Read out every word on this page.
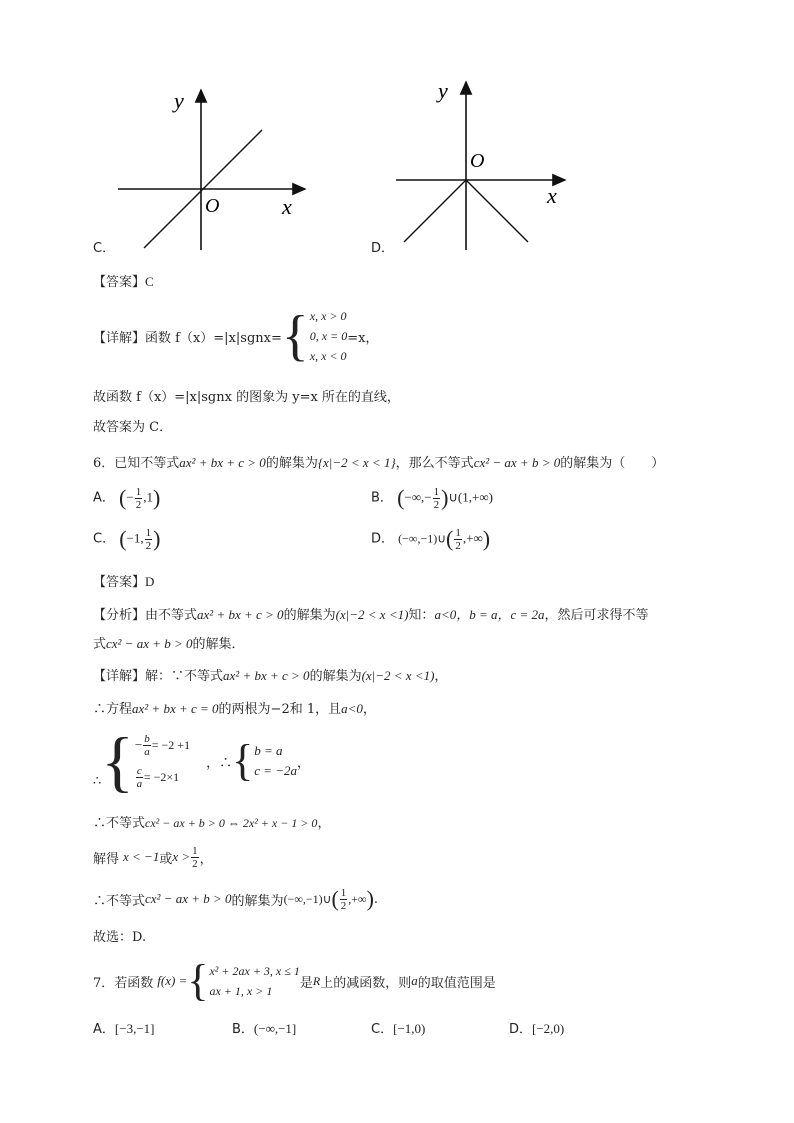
y
O	x
C．
y
O
x
D．
【答案】C
【详解】 函数 f（x）=|x|sgnx= { x, x > 0
0, x = 0
x, x < 0
=x，
故函数 f（x）=|x|sgnx 的图象为 y=x 所在的直线，
故答案为 C．
6．已知不等式ax² + bx + c > 0的解集为{x|−2 < x < 1}，那么不等式cx² − ax + b > 0的解集为（　　）
A． (− $\frac{1}{2} ,1$)	B． (−∞,− $\frac{1}{2}$ )∪(1,+∞)
C． (−1, $\frac{1}{2}$ )	D． (−∞,−1)∪( $\frac{1}{2}$ ,+∞)
【答案】D
【分析】由不等式ax² + bx + c > 0的解集为(x|−2 < x <1)知：a<0，b = a，c = 2a，然后可求得不等
式cx² − ax + b > 0的解集．
【详解】解：∵不等式ax² + bx + c > 0的解集为(x|−2 < x <1)，
∴方程ax² + bx + c = 0的两根为−2和 1，且a<0，
∴ { − $\frac{b}{a} = -2 +1$
$\frac{c}{a} = -2\times 1$
，∴ { b = a
c = −2a ，
∴不等式cx² − ax + b > 0 ⇔ 2x² + x − 1 > 0，
解得 x < −1 或 $x > \frac{1}{2}$ ，
∴不等式 cx² − ax + b > 0 的解集为 (−∞,−1)∪ ( $\frac{1}{2}$ ,+∞ ) .
故选：D.
7．若函数 f(x) = { x² + 2ax + 3, x ≤ 1
ax + 1, x > 1
是 R 上的减函数，则 a 的取值范围是
A．[−3,−1]	B．(−∞,−1]	C．[−1,0)	D．[−2,0)
